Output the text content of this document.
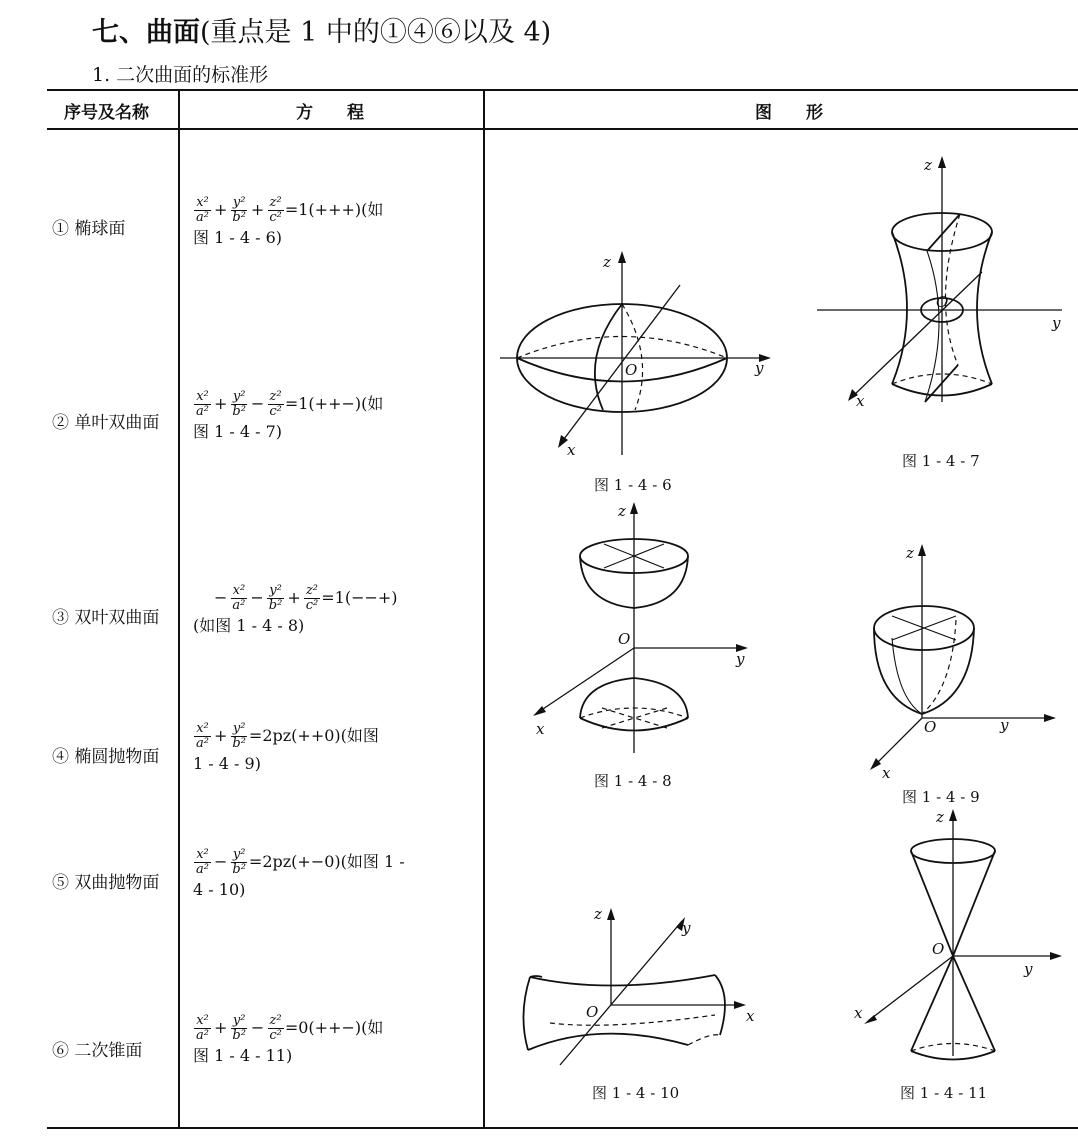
七、曲面(重点是 1 中的①④⑥以及 4)
1. 二次曲面的标准形
序号及名称	方　　程	图　　形
① 椭球面
② 单叶双曲面
③ 双叶双曲面
④ 椭圆抛物面
⑤ 双曲抛物面
⑥ 二次锥面
$\frac{\text{x²}}{\text{a²}} + \frac{\text{y²}}{\text{b²}} + \frac{\text{z²}}{\text{c²}} =1(+++)$(如
图 1 - 4 - 6)
$\frac{\text{x²}}{\text{a²}} + \frac{\text{y²}}{\text{b²}} - \frac{\text{z²}}{\text{c²}} =1(++-)$(如
图 1 - 4 - 7)
− $\frac{\text{x²}}{\text{a²}} - \frac{\text{y²}}{\text{b²}} + \frac{\text{z²}}{\text{c²}} =1(--+)$
(如图 1 - 4 - 8)
$\frac{\text{x²}}{\text{a²}} + \frac{\text{y²}}{\text{b²}} =2pz(++0)$(如图
1 - 4 - 9)
$\frac{\text{x²}}{\text{a²}} - \frac{\text{y²}}{\text{b²}} =2pz(+-0)$(如图 1 -
4 - 10)
$\frac{\text{x²}}{\text{a²}} + \frac{\text{y²}}{\text{b²}} - \frac{\text{z²}}{\text{c²}} =0(++-)$(如
图 1 - 4 - 11)
z
y
x
O
图 1 - 4 - 6
z
y
x
O
图 1 - 4 - 7
z
y
x
O
图 1 - 4 - 8
z
y
x
O
图 1 - 4 - 9
z
x
y
O
图 1 - 4 - 10
z
y
x
O
图 1 - 4 - 11
